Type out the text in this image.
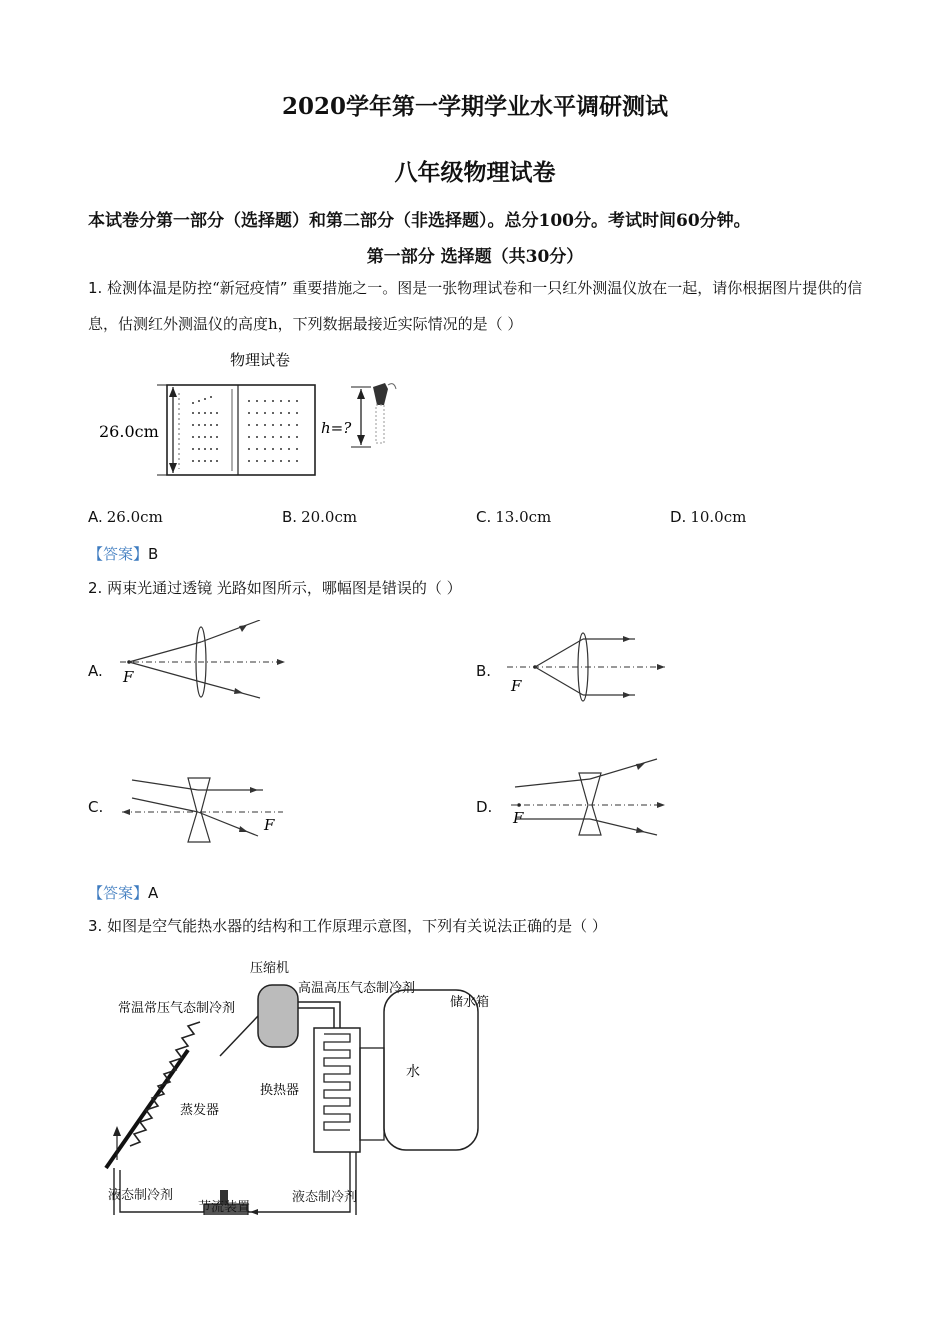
2020学年第一学期学业水平调研测试
八年级物理试卷
本试卷分第一部分（选择题）和第二部分（非选择题）。总分100分。考试时间60分钟。
第一部分 选择题（共30分）
1. 检测体温是防控“新冠疫情” 重要措施之一。图是一张物理试卷和一只红外测温仪放在一起，请你根据图片提供的信息，估测红外测温仪的高度h，下列数据最接近实际情况的是（ ）
物理试卷
26.0cm	h=?
A. 26.0cm	B. 20.0cm	C. 13.0cm	D. 10.0cm
【答案】B
2. 两束光通过透镜 光路如图所示，哪幅图是错误的（ ）
A. F	B.
F
C.
F
D.
F
【答案】A
3. 如图是空气能热水器的结构和工作原理示意图，下列有关说法正确的是（ ）
压缩机
高温高压气态制冷剂
常温常压气态制冷剂
换热器
水
储水箱
蒸发器
液态制冷剂	液态制冷剂
节流装置
